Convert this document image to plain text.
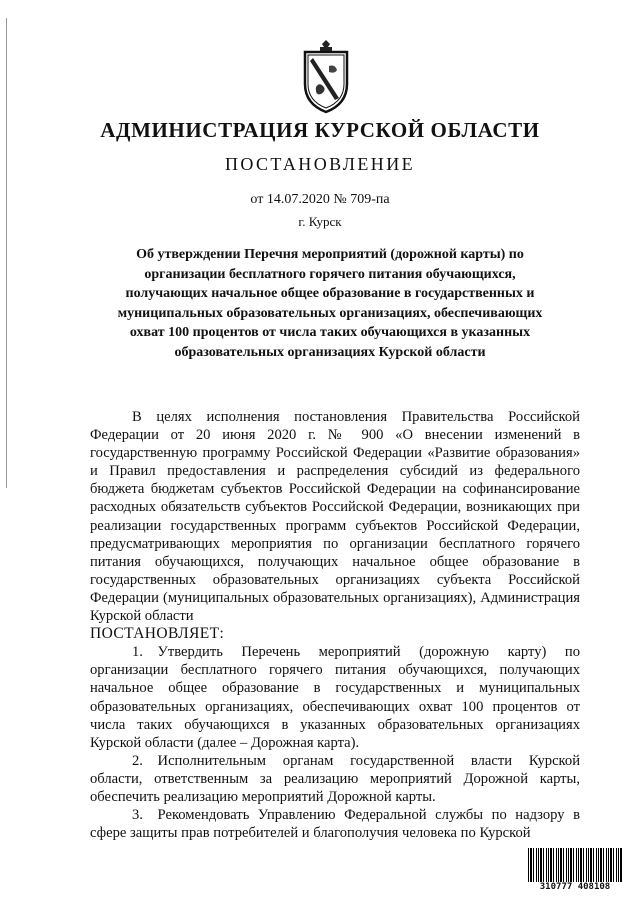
АДМИНИСТРАЦИЯ КУРСКОЙ ОБЛАСТИ
ПОСТАНОВЛЕНИЕ
от 14.07.2020 № 709-па
г. Курск
Об утверждении Перечня мероприятий (дорожной карты) по организации бесплатного горячего питания обучающихся, получающих начальное общее образование в государственных и муниципальных образовательных организациях, обеспечивающих охват 100 процентов от числа таких обучающихся в указанных образовательных организациях Курской области

В целях исполнения постановления Правительства Российской Федерации от 20 июня 2020 г. № 900 «О внесении изменений в государственную программу Российской Федерации «Развитие образования» и Правил предоставления и распределения субсидий из федерального бюджета бюджетам субъектов Российской Федерации на софинансирование расходных обязательств субъектов Российской Федерации, возникающих при реализации государственных программ субъектов Российской Федерации, предусматривающих мероприятия по организации бесплатного горячего питания обучающихся, получающих начальное общее образование в государственных образовательных организациях субъекта Российской Федерации (муниципальных образовательных организациях), Администрация Курской области

ПОСТАНОВЛЯЕТ:

1. Утвердить Перечень мероприятий (дорожную карту) по организации бесплатного горячего питания обучающихся, получающих начальное общее образование в государственных и муниципальных образовательных организациях, обеспечивающих охват 100 процентов от числа таких обучающихся в указанных образовательных организациях Курской области (далее – Дорожная карта).

2. Исполнительным органам государственной власти Курской области, ответственным за реализацию мероприятий Дорожной карты, обеспечить реализацию мероприятий Дорожной карты.

3. Рекомендовать Управлению Федеральной службы по надзору в сфере защиты прав потребителей и благополучия человека по Курской

310777 408108
